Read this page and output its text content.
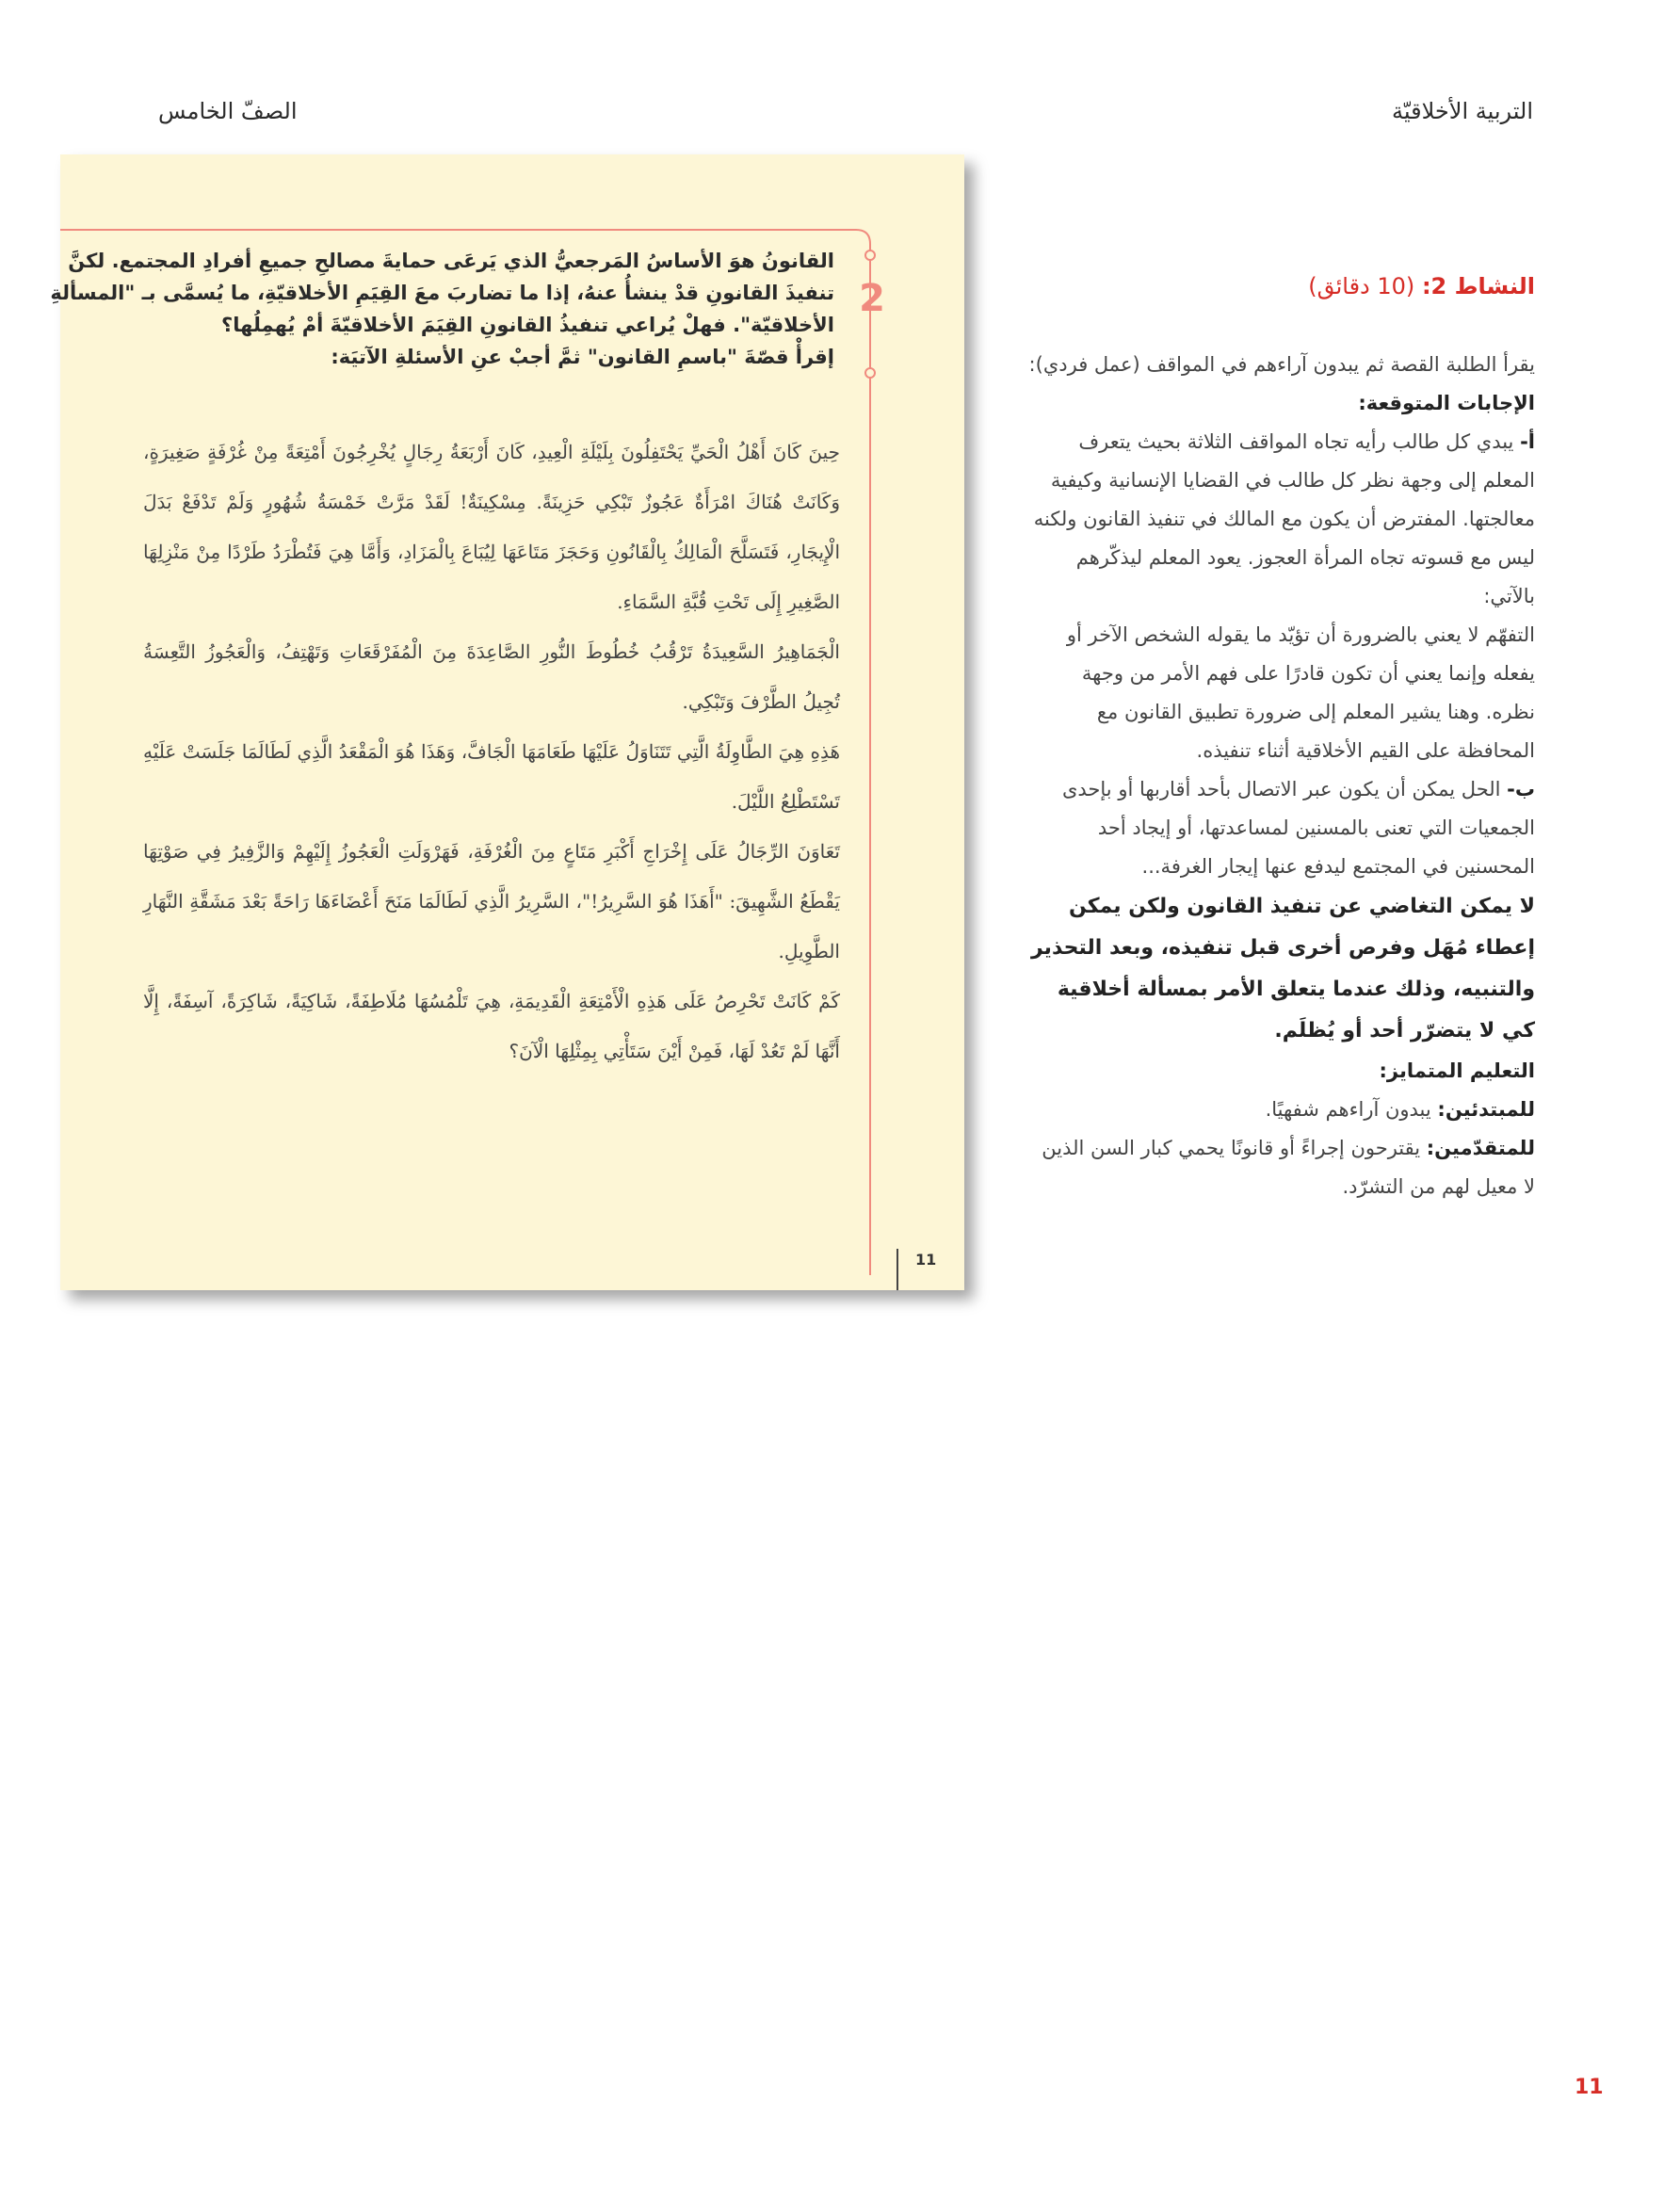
التربية الأخلاقيّة
الصفّ الخامس
2
القانونُ هوَ الأساسُ المَرجعيُّ الذي يَرعَى حمايةَ مصالحِ جميعِ أفرادِ المجتمع. لكنَّ
تنفيذَ القانونِ قدْ ينشأُ عنهُ، إذا ما تضاربَ معَ القِيَمِ الأخلاقيّةِ، ما يُسمَّى بـ "المسألةِ
الأخلاقيّة". فهلْ يُراعي تنفيذُ القانونِ القِيَمَ الأخلاقيّةَ أمْ يُهمِلُها؟
إقرأْ قصّةَ "باسمِ القانون" ثمَّ أجبْ عنِ الأسئلةِ الآتيَة:

حِينَ كَانَ أَهْلُ الْحَيِّ يَحْتَفِلُونَ بِلَيْلَةِ الْعِيدِ، كَانَ أَرْبَعَةُ رِجَالٍ يُخْرِجُونَ أَمْتِعَةً مِنْ غُرْفَةٍ صَغِيرَةٍ، وَكَانَتْ هُنَاكَ امْرَأَةٌ عَجُوزٌ تَبْكِي حَزِينَةً. مِسْكِينَةٌ! لَقَدْ مَرَّتْ خَمْسَةُ شُهُورٍ وَلَمْ تَدْفَعْ بَدَلَ الْإِيجَارِ، فَتَسَلَّحَ الْمَالِكُ بِالْقَانُونِ وَحَجَزَ مَتَاعَهَا لِيُبَاعَ بِالْمَزَادِ، وَأَمَّا هِيَ فَتُطْرَدُ طَرْدًا مِنْ مَنْزِلِهَا الصَّغِيرِ إِلَى تَحْتِ قُبَّةِ السَّمَاءِ.

الْجَمَاهِيرُ السَّعِيدَةُ تَرْقُبُ خُطُوطَ النُّورِ الصَّاعِدَةَ مِنَ الْمُفَرْقَعَاتِ وَتَهْتِفُ، وَالْعَجُوزُ التَّعِسَةُ تُجِيلُ الطَّرْفَ وَتَبْكِي.

هَذِهِ هِيَ الطَّاوِلَةُ الَّتِي تَتَنَاوَلُ عَلَيْهَا طَعَامَهَا الْجَافَّ، وَهَذَا هُوَ الْمَقْعَدُ الَّذِي لَطَالَمَا جَلَسَتْ عَلَيْهِ تَسْتَطْلِعُ اللَّيْلَ.

تَعَاوَنَ الرِّجَالُ عَلَى إِخْرَاجِ أَكْبَرِ مَتَاعٍ مِنَ الْغُرْفَةِ، فَهَرْوَلَتِ الْعَجُوزُ إِلَيْهِمْ وَالزَّفِيرُ فِي صَوْتِهَا يَقْطَعُ الشَّهِيقَ: "أَهَذَا هُوَ السَّرِيرُ!"، السَّرِيرُ الَّذِي لَطَالَمَا مَنَحَ أَعْضَاءَهَا رَاحَةً بَعْدَ مَشَقَّةِ النَّهَارِ الطَّوِيلِ.

كَمْ كَانَتْ تَحْرِصُ عَلَى هَذِهِ الْأَمْتِعَةِ الْقَدِيمَةِ، هِيَ تَلْمُسُهَا مُلَاطِفَةً، شَاكِيَةً، شَاكِرَةً، آسِفَةً، إِلَّا أَنَّهَا لَمْ تَعُدْ لَهَا، فَمِنْ أَيْنَ سَتَأْتِي بِمِثْلِهَا الْآنَ؟

11

النشاط 2: (10 دقائق)

يقرأ الطلبة القصة ثم يبدون آراءهم في المواقف (عمل فردي):

الإجابات المتوقعة:

أ- يبدي كل طالب رأيه تجاه المواقف الثلاثة بحيث يتعرف المعلم إلى وجهة نظر كل طالب في القضايا الإنسانية وكيفية معالجتها. المفترض أن يكون مع المالك في تنفيذ القانون ولكنه ليس مع قسوته تجاه المرأة العجوز. يعود المعلم ليذكّرهم بالآتي:

التفهّم لا يعني بالضرورة أن تؤيّد ما يقوله الشخص الآخر أو يفعله وإنما يعني أن تكون قادرًا على فهم الأمر من وجهة نظره. وهنا يشير المعلم إلى ضرورة تطبيق القانون مع المحافظة على القيم الأخلاقية أثناء تنفيذه.

ب- الحل يمكن أن يكون عبر الاتصال بأحد أقاربها أو بإحدى الجمعيات التي تعنى بالمسنين لمساعدتها، أو إيجاد أحد المحسنين في المجتمع ليدفع عنها إيجار الغرفة...

لا يمكن التغاضي عن تنفيذ القانون ولكن يمكن إعطاء مُهَل وفرص أخرى قبل تنفيذه، وبعد التحذير والتنبيه، وذلك عندما يتعلق الأمر بمسألة أخلاقية كي لا يتضرّر أحد أو يُظلَم.

التعليم المتمايز:

للمبتدئين: يبدون آراءهم شفهيًا.

للمتقدّمين: يقترحون إجراءً أو قانونًا يحمي كبار السن الذين لا معيل لهم من التشرّد.

11
